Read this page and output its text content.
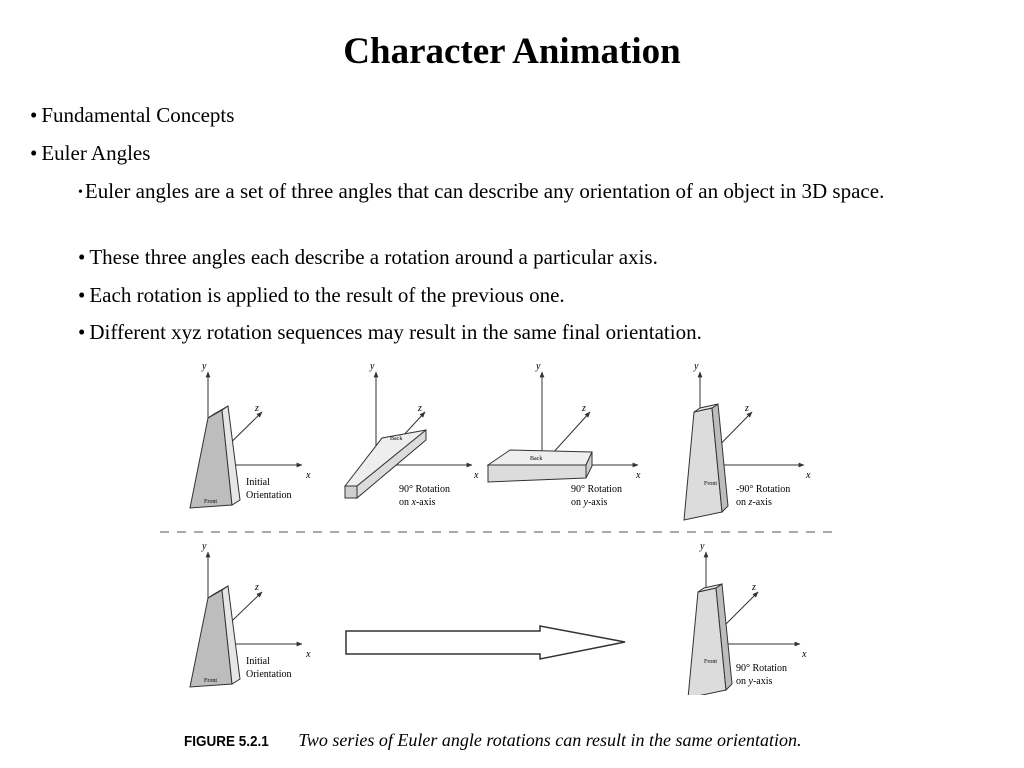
Character Animation
• Fundamental Concepts
• Euler Angles
•Euler angles are a set of three angles that can describe any orientation of an object in 3D space.
• These three angles each describe a rotation around a particular axis.
• Each rotation is applied to the result of the previous one.
• Different xyz rotation sequences may result in the same final orientation.
y
x
z
Front
Initial
Orientation
y
x
z
Back
90° Rotation
on x-axis
y
x
z
Back
90° Rotation
on y-axis
y
x
z
Front -90° Rotation
on z-axis
y
x
z
Front
Initial
Orientation
y
x
z
Front
90° Rotation
on y-axis
FIGURE 5.2.1 Two series of Euler angle rotations can result in the same orientation.
